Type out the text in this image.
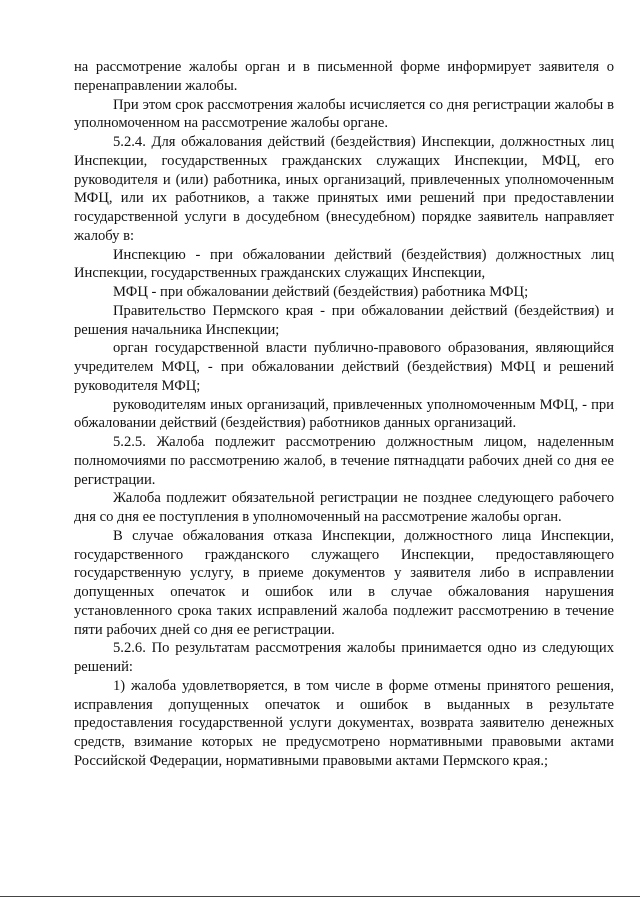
на рассмотрение жалобы орган и в письменной форме информирует заявителя о перенаправлении жалобы.

При этом срок рассмотрения жалобы исчисляется со дня регистрации жалобы в уполномоченном на рассмотрение жалобы органе.

5.2.4. Для обжалования действий (бездействия) Инспекции, должностных лиц Инспекции, государственных гражданских служащих Инспекции, МФЦ, его руководителя и (или) работника, иных организаций, привлеченных уполномоченным МФЦ, или их работников, а также принятых ими решений при предоставлении государственной услуги в досудебном (внесудебном) порядке заявитель направляет жалобу в:

Инспекцию - при обжаловании действий (бездействия) должностных лиц Инспекции, государственных гражданских служащих Инспекции,

МФЦ - при обжаловании действий (бездействия) работника МФЦ;

Правительство Пермского края - при обжаловании действий (бездействия) и решения начальника Инспекции;

орган государственной власти публично-правового образования, являющийся учредителем МФЦ, - при обжаловании действий (бездействия) МФЦ и решений руководителя МФЦ;

руководителям иных организаций, привлеченных уполномоченным МФЦ, - при обжаловании действий (бездействия) работников данных организаций.

5.2.5. Жалоба подлежит рассмотрению должностным лицом, наделенным полномочиями по рассмотрению жалоб, в течение пятнадцати рабочих дней со дня ее регистрации.

Жалоба подлежит обязательной регистрации не позднее следующего рабочего дня со дня ее поступления в уполномоченный на рассмотрение жалобы орган.

В случае обжалования отказа Инспекции, должностного лица Инспекции, государственного гражданского служащего Инспекции, предоставляющего государственную услугу, в приеме документов у заявителя либо в исправлении допущенных опечаток и ошибок или в случае обжалования нарушения установленного срока таких исправлений жалоба подлежит рассмотрению в течение пяти рабочих дней со дня ее регистрации.

5.2.6. По результатам рассмотрения жалобы принимается одно из следующих решений:

1) жалоба удовлетворяется, в том числе в форме отмены принятого решения, исправления допущенных опечаток и ошибок в выданных в результате предоставления государственной услуги документах, возврата заявителю денежных средств, взимание которых не предусмотрено нормативными правовыми актами Российской Федерации, нормативными правовыми актами Пермского края.;
